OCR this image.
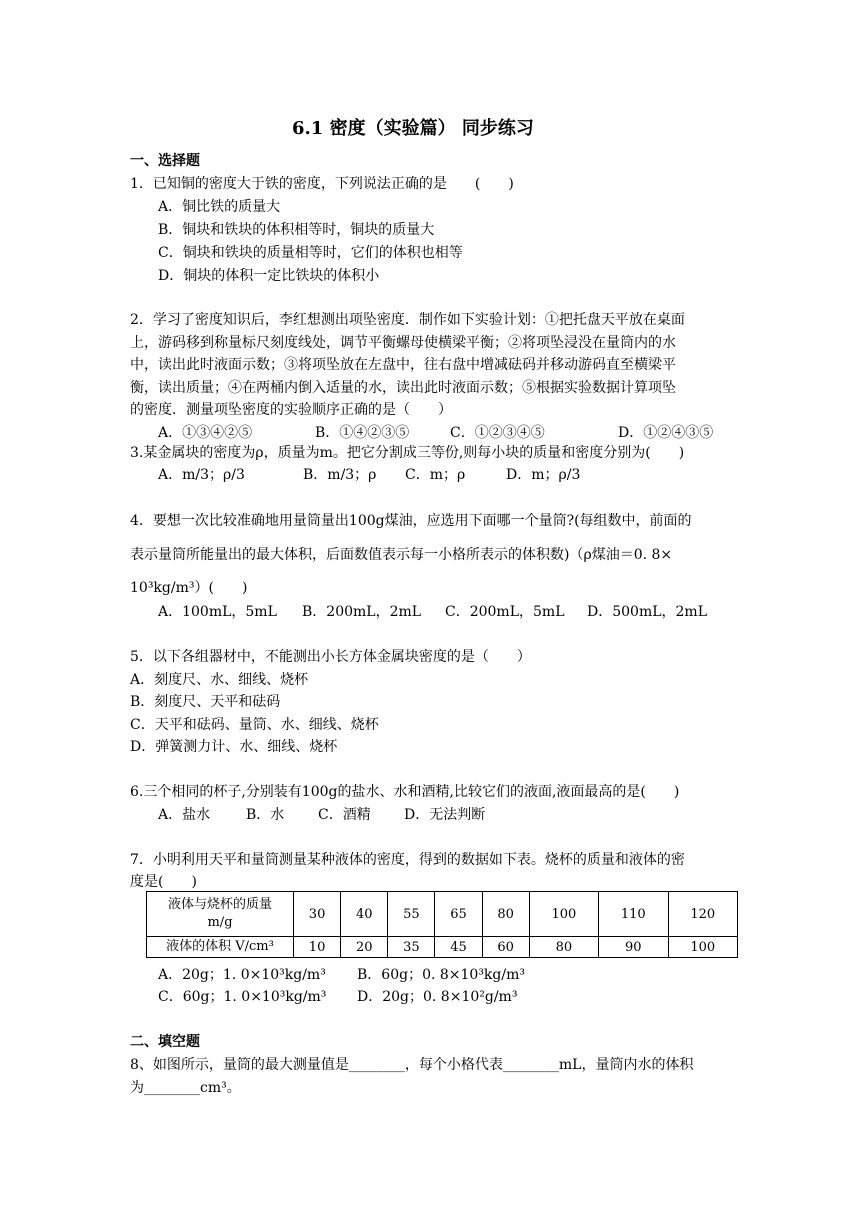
6.1 密度（实验篇） 同步练习
一、选择题
1．已知铜的密度大于铁的密度，下列说法正确的是　　(　　)
A．铜比铁的质量大
B．铜块和铁块的体积相等时，铜块的质量大
C．铜块和铁块的质量相等时，它们的体积也相等
D．铜块的体积一定比铁块的体积小
2．学习了密度知识后，李红想测出项坠密度．制作如下实验计划：①把托盘天平放在桌面
上，游码移到称量标尺刻度线处，调节平衡螺母使横梁平衡；②将项坠浸没在量筒内的水
中，读出此时液面示数；③将项坠放在左盘中，往右盘中增减砝码并移动游码直至横梁平
衡，读出质量；④在两桶内倒入适量的水，读出此时液面示数；⑤根据实验数据计算项坠
的密度．测量项坠密度的实验顺序正确的是（　　）
A．①③④②⑤	B．①④②③⑤	C．①②③④⑤	D．①②④③⑤
3.某金属块的密度为ρ，质量为m。把它分割成三等份,则每小块的质量和密度分别为(　　)
A．m/3；ρ/3	B．m/3；ρ C．m；ρ	D．m；ρ/3
4．要想一次比较准确地用量筒量出100g煤油，应选用下面哪一个量筒?(每组数中，前面的
表示量筒所能量出的最大体积，后面数值表示每一小格所表示的体积数)（ρ煤油＝0. 8×
10³kg/m³）(　　)
A．100mL，5mL B．200mL，2mL C．200mL，5mL D．500mL，2mL
5．以下各组器材中，不能测出小长方体金属块密度的是（　　）
A．刻度尺、水、细线、烧杯
B．刻度尺、天平和砝码
C．天平和砝码、量筒、水、细线、烧杯
D．弹簧测力计、水、细线、烧杯
6.三个相同的杯子,分别装有100g的盐水、水和酒精,比较它们的液面,液面最高的是(　　)
A．盐水	B．水 C．酒精 D．无法判断
7．小明利用天平和量筒测量某种液体的密度，得到的数据如下表。烧杯的质量和液体的密
度是(　　)
液体与烧杯的质量
m/g	30	40	55	65	80	100	110	120
液体的体积 V/cm³	10	20	35	45	60	80	90	100
A．20g；1. 0×10³kg/m³ B．60g；0. 8×10³kg/m³
C．60g；1. 0×10³kg/m³ D．20g；0. 8×10²g/m³
二、填空题
8、如图所示，量筒的最大测量值是________，每个小格代表________mL，量筒内水的体积
为________cm³。
